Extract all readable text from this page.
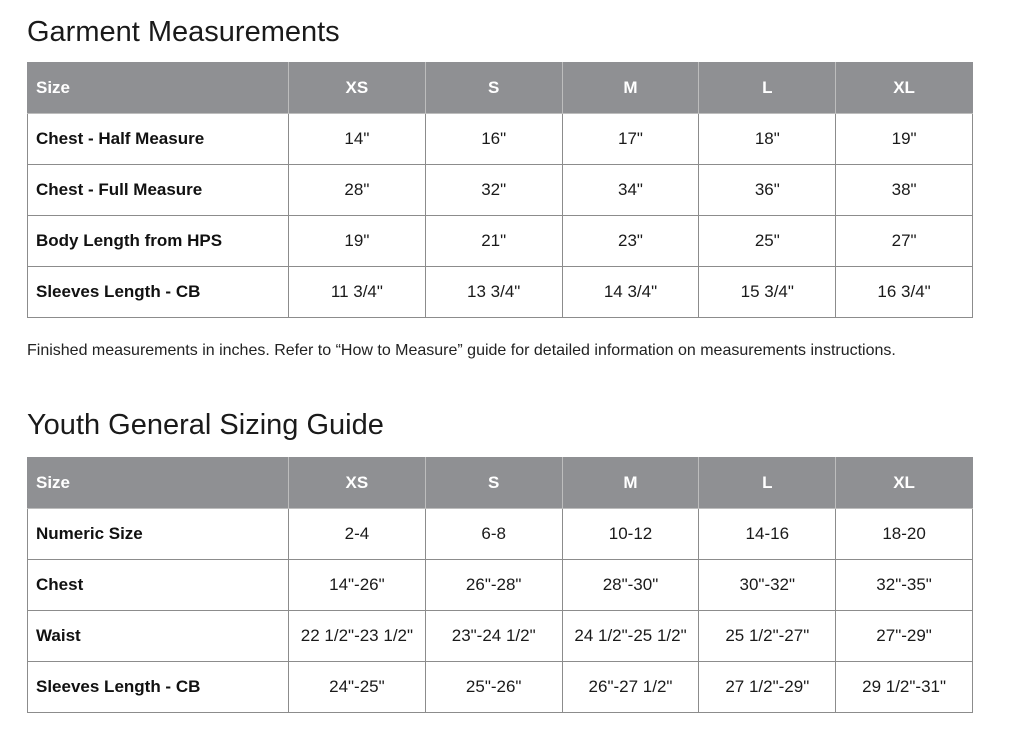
Garment Measurements
Size	XS	S	M	L	XL
Chest - Half Measure	14"	16"	17"	18"	19"
Chest - Full Measure	28"	32"	34"	36"	38"
Body Length from HPS	19"	21"	23"	25"	27"
Sleeves Length - CB	11 3/4"	13 3/4"	14 3/4"	15 3/4"	16 3/4"

Finished measurements in inches. Refer to “How to Measure” guide for detailed information on measurements instructions.

Youth General Sizing Guide
Size	XS	S	M	L	XL
Numeric Size	2-4	6-8	10-12	14-16	18-20
Chest	14"-26"	26"-28"	28"-30"	30"-32"	32"-35"
Waist	22 1/2"-23 1/2"	23"-24 1/2"	24 1/2"-25 1/2"	25 1/2"-27"	27"-29"
Sleeves Length - CB	24"-25"	25"-26"	26"-27 1/2"	27 1/2"-29"	29 1/2"-31"
